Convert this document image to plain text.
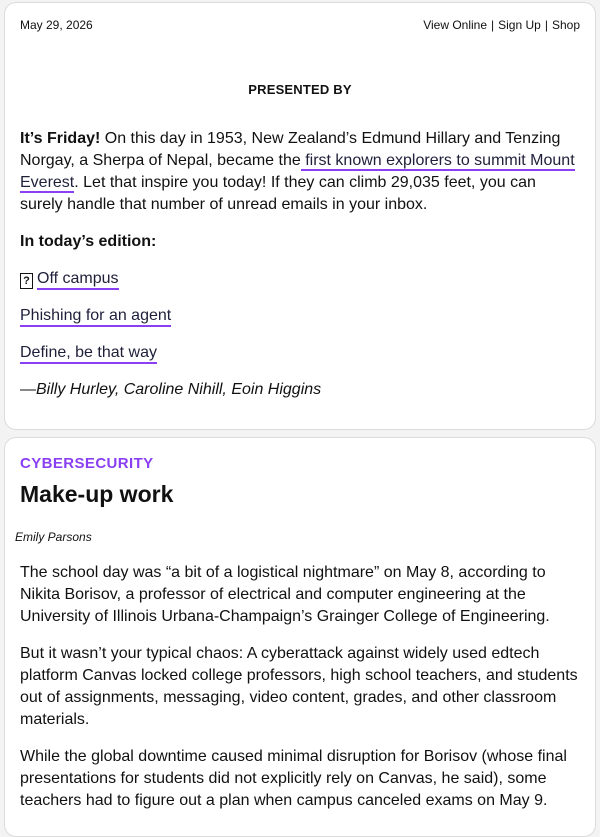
May 29, 2026	View Online | Sign Up | Shop
PRESENTED BY
It’s Friday! On this day in 1953, New Zealand’s Edmund Hillary and Tenzing Norgay, a Sherpa of Nepal, became the first known explorers to summit Mount Everest. Let that inspire you today! If they can climb 29,035 feet, you can surely handle that number of unread emails in your inbox.
In today’s edition:
? Off campus
Phishing for an agent
Define, be that way
—Billy Hurley, Caroline Nihill, Eoin Higgins
CYBERSECURITY
Make-up work
Emily Parsons
The school day was “a bit of a logistical nightmare” on May 8, according to Nikita Borisov, a professor of electrical and computer engineering at the University of Illinois Urbana-Champaign’s Grainger College of Engineering.
But it wasn’t your typical chaos: A cyberattack against widely used edtech platform Canvas locked college professors, high school teachers, and students out of assignments, messaging, video content, grades, and other classroom materials.
While the global downtime caused minimal disruption for Borisov (whose final presentations for students did not explicitly rely on Canvas, he said), some teachers had to figure out a plan when campus canceled exams on May 9.
